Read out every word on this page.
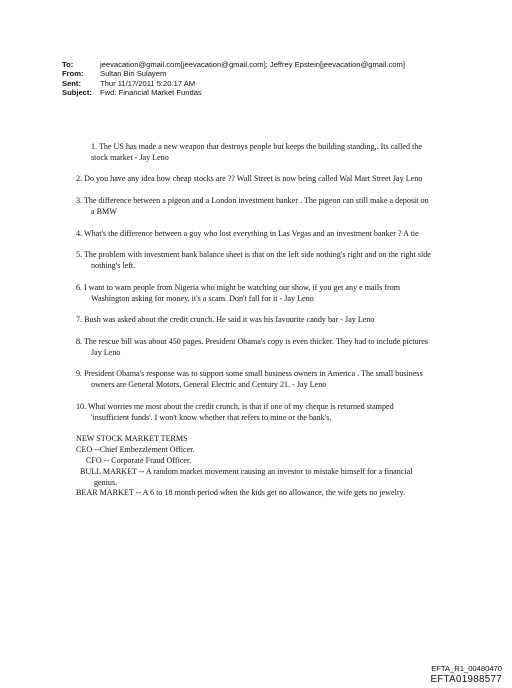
To:	jeevacation@gmail.com[jeevacation@gmail.com]; Jeffrey Epstein[jeevacation@gmail.com]
From:	Sultan Bin Sulayem
Sent:	Thur 11/17/2011 5:20:17 AM
Subject:	Fwd: Financial Market Fundas

1. The US has made a new weapon that destroys people but keeps the building standing,. Its called the stock market - Jay Leno

2. Do you have any idea how cheap stocks are ?? Wall Street is now being called Wal Mart Street Jay Leno

3. The difference between a pigeon and a London investment banker . The pigeon can still make a deposit on a BMW

4. What's the difference between a guy who lost everything in Las Vegas and an investment banker ? A tie

5. The problem with investment bank balance sheet is that on the left side nothing's right and on the right side nothing's left.

6. I want to warn people from Nigeria who might be watching our show, if you get any e mails from Washington asking for money, it's a scam. Don't fall for it - Jay Leno

7. Bush was asked about the credit crunch. He said it was his favourite candy bar - Jay Leno

8. The rescue bill was about 450 pages. President Obama's copy is even thicker. They had to include pictures Jay Leno

9. President Obama's response was to support some small business owners in America . The small business owners are General Motors, General Electric and Century 21. - Jay Leno

10. What worries me most about the credit crunch, is that if one of my cheque is returned stamped 'insufficient funds'. I won't know whether that refers to mine or the bank's.

NEW STOCK MARKET TERMS

CEO --Chief Embezzlement Officer.

CFO -- Corporate Fraud Officer.

BULL MARKET -- A random market movement causing an investor to mistake himself for a financial genius.

BEAR MARKET -- A 6 to 18 month period when the kids get no allowance, the wife gets no jewelry.

EFTA_R1_00480470
EFTA01988577
